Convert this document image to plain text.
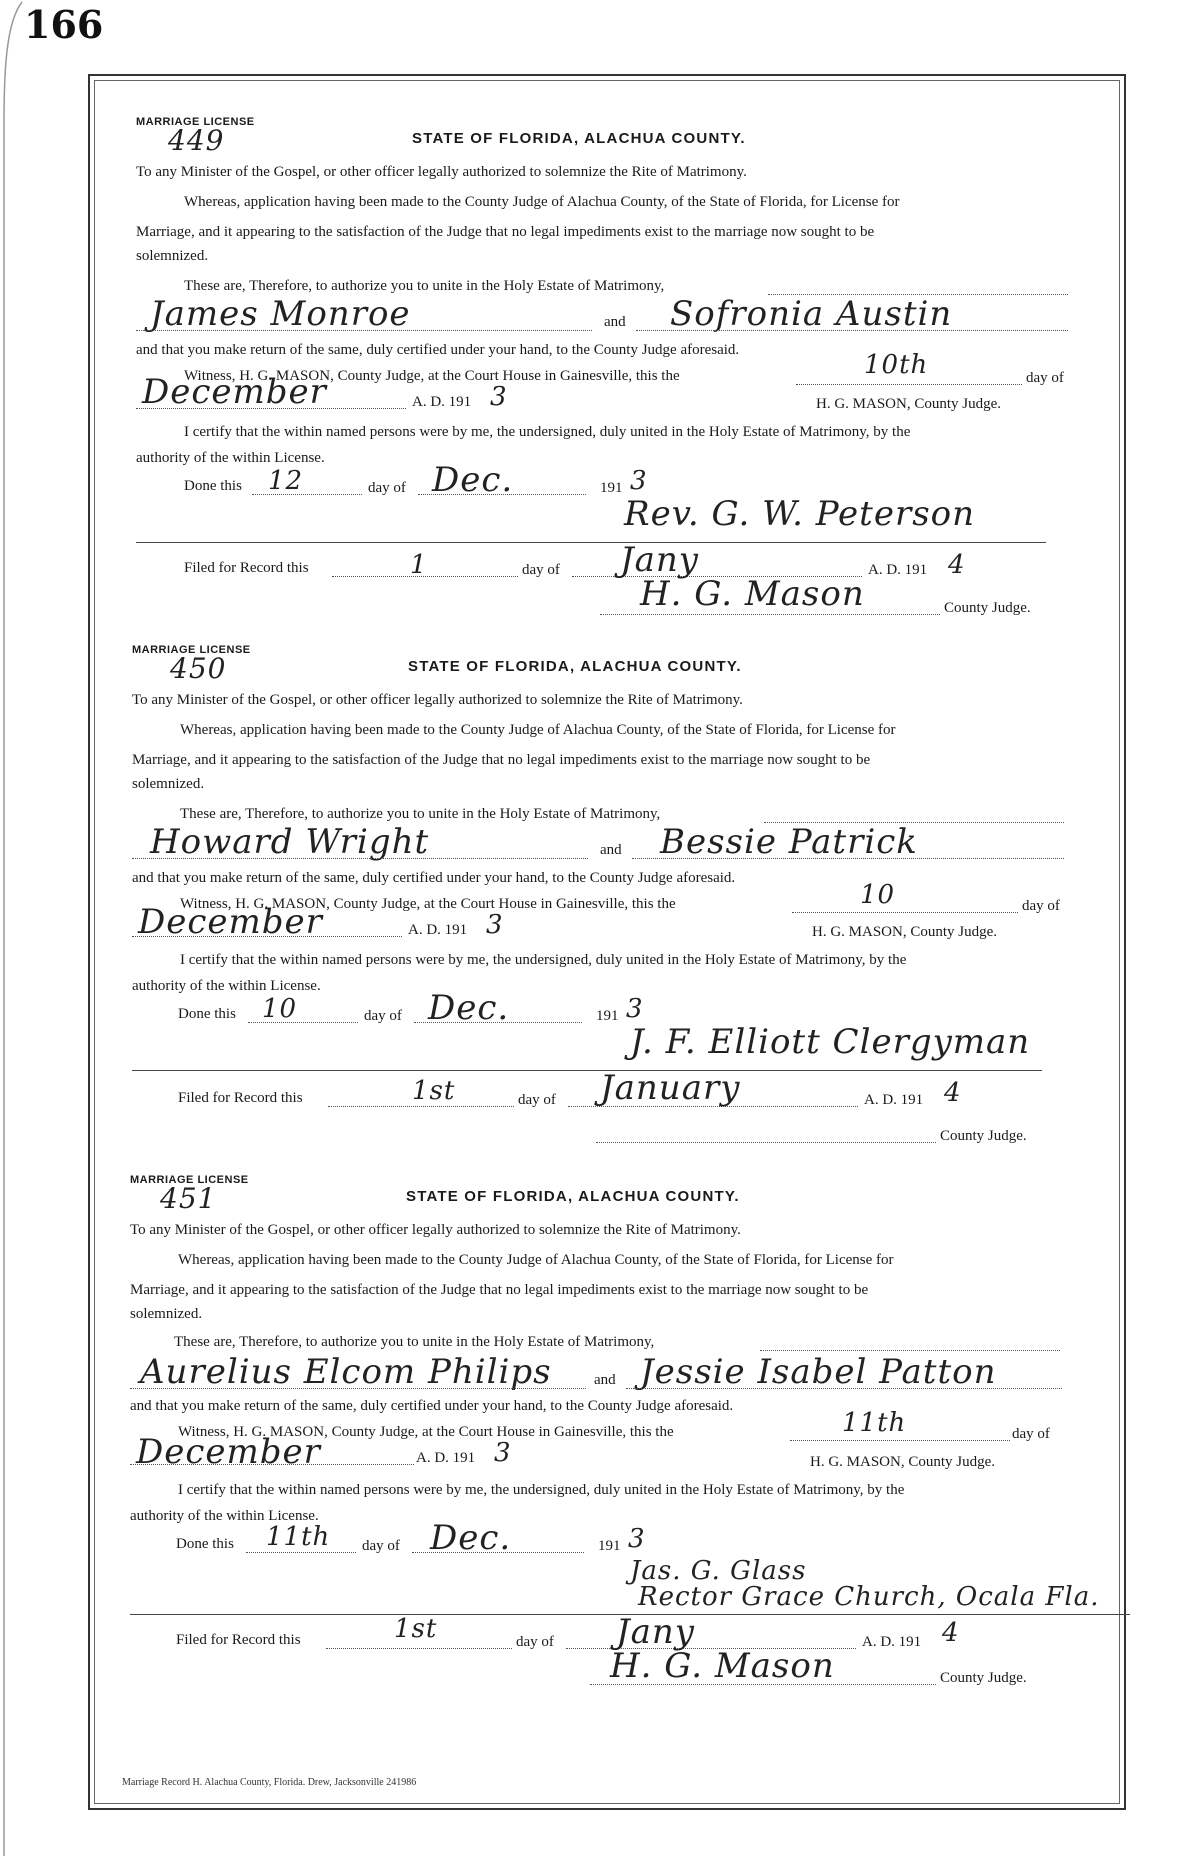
166
MARRIAGE LICENSE
449	STATE OF FLORIDA, ALACHUA COUNTY.
To any Minister of the Gospel, or other officer legally authorized to solemnize the Rite of Matrimony.
Whereas, application having been made to the County Judge of Alachua County, of the State of Florida, for License for
Marriage, and it appearing to the satisfaction of the Judge that no legal impediments exist to the marriage now sought to be
solemnized.
These are, Therefore, to authorize you to unite in the Holy Estate of Matrimony,
James Monroe	and Sofronia Austin
and that you make return of the same, duly certified under your hand, to the County Judge aforesaid.
Witness, H. G. MASON, County Judge, at the Court House in Gainesville, this the	10th	day of
December	A. D. 191 3	H. G. MASON, County Judge.
I certify that the within named persons were by me, the undersigned, duly united in the Holy Estate of Matrimony, by the
authority of the within License.
Done this 12	day of Dec.	191 3
Rev. G. W. Peterson
Filed for Record this	1	day of Jany	A. D. 191 4
H. G. Mason	County Judge.
MARRIAGE LICENSE
450	STATE OF FLORIDA, ALACHUA COUNTY.
To any Minister of the Gospel, or other officer legally authorized to solemnize the Rite of Matrimony.
Whereas, application having been made to the County Judge of Alachua County, of the State of Florida, for License for
Marriage, and it appearing to the satisfaction of the Judge that no legal impediments exist to the marriage now sought to be
solemnized.
These are, Therefore, to authorize you to unite in the Holy Estate of Matrimony,
Howard Wright	and Bessie Patrick
and that you make return of the same, duly certified under your hand, to the County Judge aforesaid.
Witness, H. G. MASON, County Judge, at the Court House in Gainesville, this the	10	day of
December	A. D. 191 3	H. G. MASON, County Judge.
I certify that the within named persons were by me, the undersigned, duly united in the Holy Estate of Matrimony, by the
authority of the within License.
Done this 10	day of Dec.	191 3
J. F. Elliott Clergyman
Filed for Record this	1st	day of January	A. D. 191 4
County Judge.
MARRIAGE LICENSE
451	STATE OF FLORIDA, ALACHUA COUNTY.
To any Minister of the Gospel, or other officer legally authorized to solemnize the Rite of Matrimony.
Whereas, application having been made to the County Judge of Alachua County, of the State of Florida, for License for
Marriage, and it appearing to the satisfaction of the Judge that no legal impediments exist to the marriage now sought to be
solemnized.
These are, Therefore, to authorize you to unite in the Holy Estate of Matrimony,
Aurelius Elcom Philips	and Jessie Isabel Patton
and that you make return of the same, duly certified under your hand, to the County Judge aforesaid.
Witness, H. G. MASON, County Judge, at the Court House in Gainesville, this the	11th	day of
December	A. D. 191 3	H. G. MASON, County Judge.
I certify that the within named persons were by me, the undersigned, duly united in the Holy Estate of Matrimony, by the
authority of the within License.
Done this 11th day of Dec.	191 3
Jas. G. Glass
Rector Grace Church, Ocala Fla.
Filed for Record this	1st	day of Jany	A. D. 191 4
H. G. Mason	County Judge.
Marriage Record H. Alachua County, Florida. Drew, Jacksonville 241986
